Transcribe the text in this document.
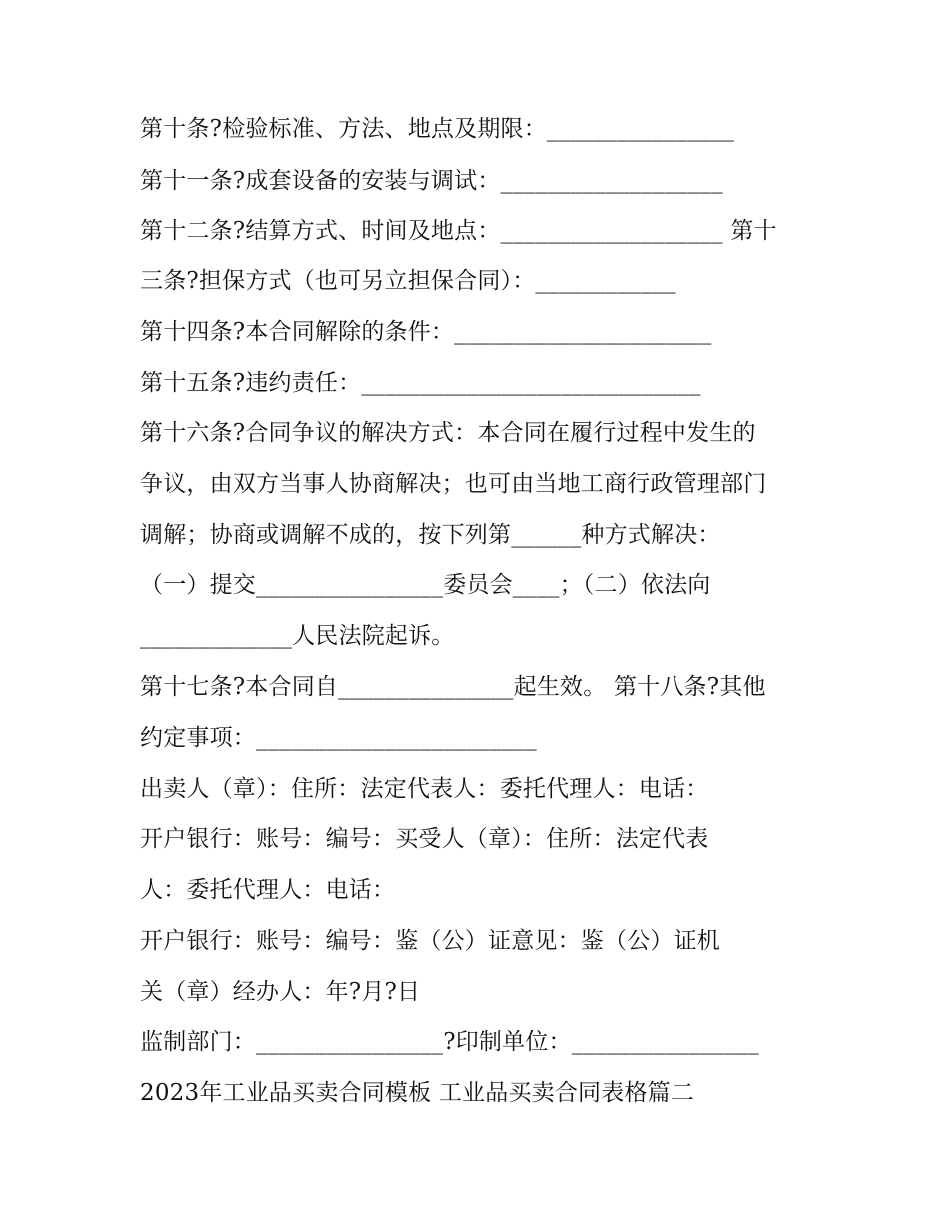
第十条?检验标准、方法、地点及期限：________________
第十一条?成套设备的安装与调试：___________________
第十二条?结算方式、时间及地点：___________________ 第十
三条?担保方式（也可另立担保合同）：____________
第十四条?本合同解除的条件：______________________
第十五条?违约责任：_____________________________
第十六条?合同争议的解决方式：本合同在履行过程中发生的
争议，由双方当事人协商解决；也可由当地工商行政管理部门
调解；协商或调解不成的，按下列第______种方式解决：
（一）提交________________委员会____；（二）依法向
_____________人民法院起诉。
第十七条?本合同自_______________起生效。 第十八条?其他
约定事项：________________________
出卖人（章）：住所：法定代表人：委托代理人：电话：
开户银行：账号：编号：买受人（章）：住所：法定代表
人：委托代理人：电话：
开户银行：账号：编号：鉴（公）证意见：鉴（公）证机
关（章）经办人：年?月?日
监制部门：________________?印制单位：________________
2023年工业品买卖合同模板 工业品买卖合同表格篇二
